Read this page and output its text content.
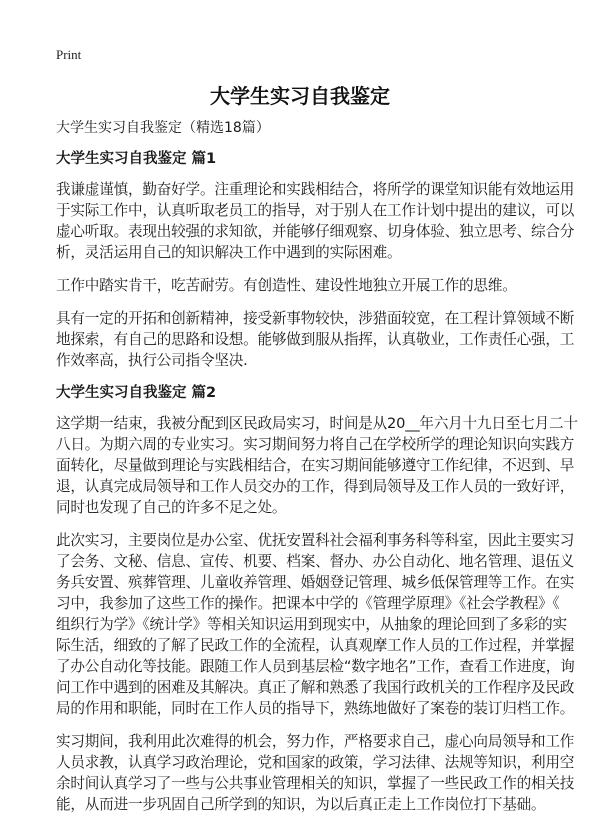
Print
大学生实习自我鉴定
大学生实习自我鉴定（精选18篇）
大学生实习自我鉴定 篇1
我谦虚谨慎，勤奋好学。注重理论和实践相结合，将所学的课堂知识能有效地运用
于实际工作中，认真听取老员工的指导，对于别人在工作计划中提出的建议，可以
虚心听取。表现出较强的求知欲，并能够仔细观察、切身体验、独立思考、综合分
析，灵活运用自己的知识解决工作中遇到的实际困难。
工作中踏实肯干，吃苦耐劳。有创造性、建设性地独立开展工作的思维。
具有一定的开拓和创新精神，接受新事物较快，涉猎面较宽，在工程计算领域不断
地探索，有自己的思路和设想。能够做到服从指挥，认真敬业，工作责任心强，工
作效率高，执行公司指令坚决.
大学生实习自我鉴定 篇2
这学期一结束，我被分配到区民政局实习，时间是从20__年六月十九日至七月二十
八日。为期六周的专业实习。实习期间努力将自己在学校所学的理论知识向实践方
面转化，尽量做到理论与实践相结合，在实习期间能够遵守工作纪律，不迟到、早
退，认真完成局领导和工作人员交办的工作，得到局领导及工作人员的一致好评，
同时也发现了自己的许多不足之处。
此次实习，主要岗位是办公室、优抚安置科社会福利事务科等科室，因此主要实习
了会务、文秘、信息、宣传、机要、档案、督办、办公自动化、地名管理、退伍义
务兵安置、殡葬管理、儿童收养管理、婚姻登记管理、城乡低保管理等工作。在实
习中，我参加了这些工作的操作。把课本中学的《管理学原理》《社会学教程》《
组织行为学》《统计学》等相关知识运用到现实中，从抽象的理论回到了多彩的实
际生活，细致的了解了民政工作的全流程，认真观摩工作人员的工作过程，并掌握
了办公自动化等技能。跟随工作人员到基层检“数字地名”工作，查看工作进度，询
问工作中遇到的困难及其解决。真正了解和熟悉了我国行政机关的工作程序及民政
局的作用和职能，同时在工作人员的指导下，熟练地做好了案卷的装订归档工作。
实习期间，我利用此次难得的机会，努力作，严格要求自己，虚心向局领导和工作
人员求教，认真学习政治理论，党和国家的政策，学习法律、法规等知识，利用空
余时间认真学习了一些与公共事业管理相关的知识，掌握了一些民政工作的相关技
能，从而进一步巩固自己所学到的知识，为以后真正走上工作岗位打下基础。
